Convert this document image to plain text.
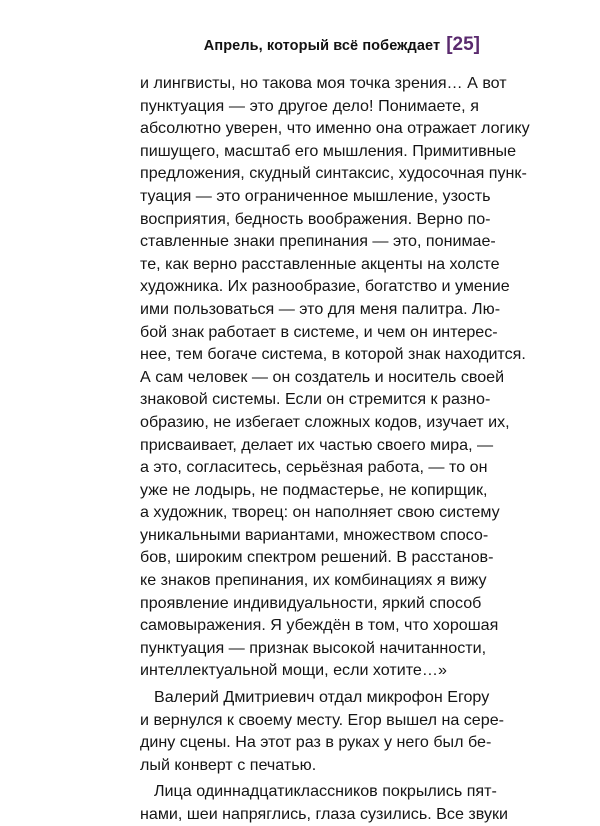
Апрель, который всё побеждает [25]

и лингвисты, но такова моя точка зрения… А вот
пунктуация — это другое дело! Понимаете, я
абсолютно уверен, что именно она отражает логику
пишущего, масштаб его мышления. Примитивные
предложения, скудный синтаксис, худосочная пунк-
туация — это ограниченное мышление, узость
восприятия, бедность воображения. Верно по-
ставленные знаки препинания — это, понимае-
те, как верно расставленные акценты на холсте
художника. Их разнообразие, богатство и умение
ими пользоваться — это для меня палитра. Лю-
бой знак работает в системе, и чем он интерес-
нее, тем богаче система, в которой знак находится.
А сам человек — он создатель и носитель своей
знаковой системы. Если он стремится к разно-
образию, не избегает сложных кодов, изучает их,
присваивает, делает их частью своего мира, —
а это, согласитесь, серьёзная работа, — то он
уже не лодырь, не подмастерье, не копирщик,
а художник, творец: он наполняет свою систему
уникальными вариантами, множеством спосо-
бов, широким спектром решений. В расстанов-
ке знаков препинания, их комбинациях я вижу
проявление индивидуальности, яркий способ
самовыражения. Я убеждён в том, что хорошая
пунктуация — признак высокой начитанности,
интеллектуальной мощи, если хотите…»

Валерий Дмитриевич отдал микрофон Егору
и вернулся к своему месту. Егор вышел на сере-
дину сцены. На этот раз в руках у него был бе-
лый конверт с печатью.

Лица одиннадцатиклассников покрылись пят-
нами, шеи напряглись, глаза сузились. Все звуки
